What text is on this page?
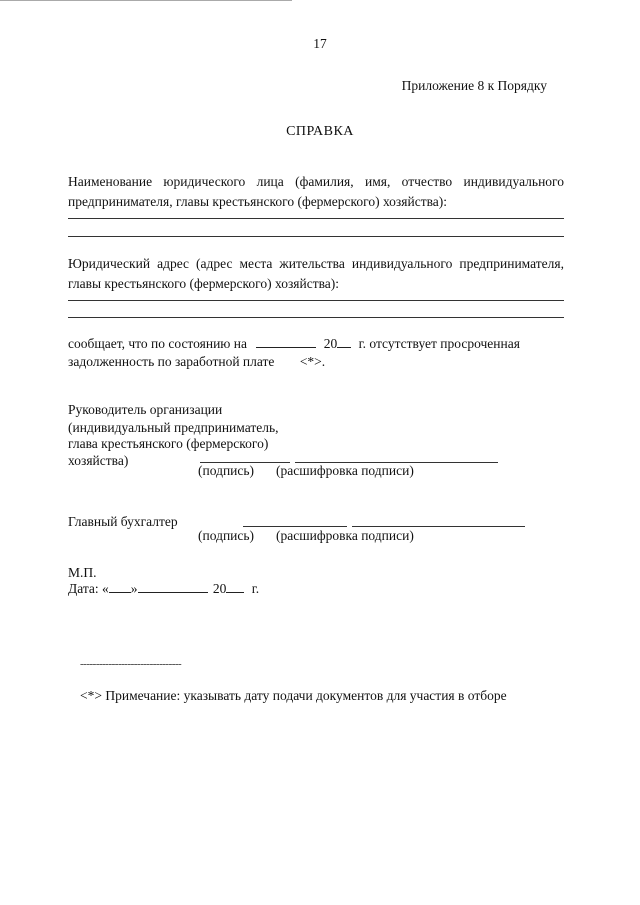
17
Приложение 8 к Порядку
СПРАВКА
Наименование юридического лица (фамилия, имя, отчество индивидуального
предпринимателя, главы крестьянского (фермерского) хозяйства):
Юридический адрес (адрес места жительства индивидуального предпринимателя,
главы крестьянского (фермерского) хозяйства):
сообщает, что по состоянию на	20 г. отсутствует просроченная
задолженность по заработной плате <*>.
Руководитель организации
(индивидуальный предприниматель,
глава крестьянского (фермерского)
хозяйства)
(подпись) (расшифровка подписи)
Главный бухгалтер
(подпись) (расшифровка подписи)
М.П.
Дата: « »	20 г.
--------------------------------
<*> Примечание: указывать дату подачи документов для участия в отборе
